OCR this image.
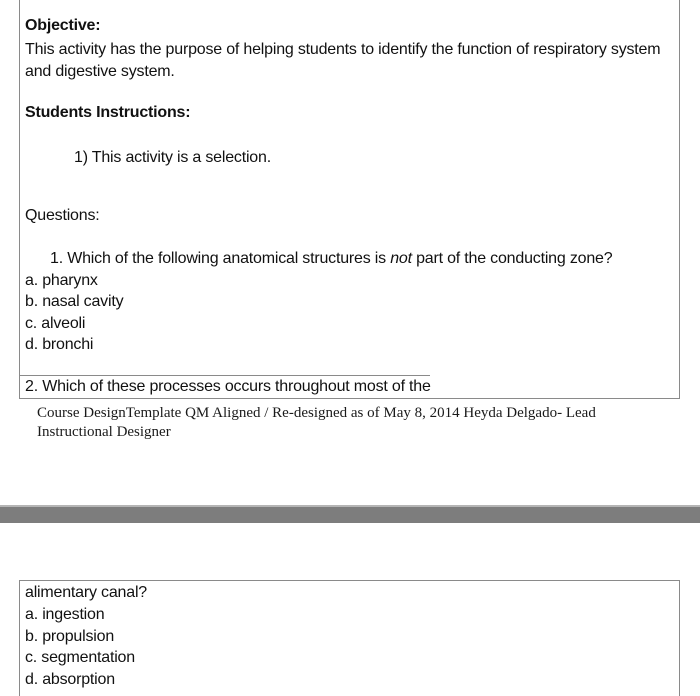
Objective:
This activity has the purpose of helping students to identify the function of respiratory system
and digestive system.
Students Instructions:
1) This activity is a selection.
Questions:
1. Which of the following anatomical structures is not part of the conducting zone?
a. pharynx
b. nasal cavity
c. alveoli
d. bronchi
2. Which of these processes occurs throughout most of the
Course DesignTemplate QM Aligned / Re-designed as of May 8, 2014 Heyda Delgado- Lead
Instructional Designer
alimentary canal?
a. ingestion
b. propulsion
c. segmentation
d. absorption
